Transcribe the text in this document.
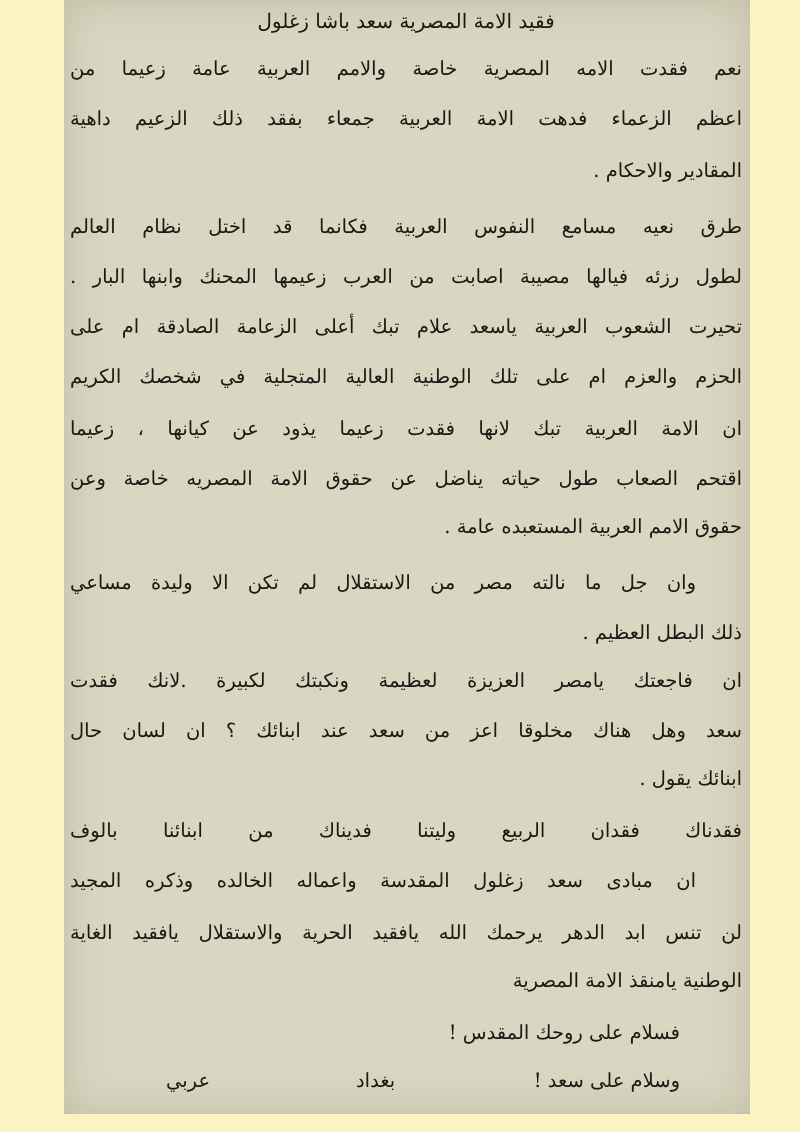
فقيد الامة المصرية سعد باشا زغلول
نعم فقدت الامه المصرية خاصة والامم العربية عامة زعيما من
اعظم الزعماء فدهت الامة العربية جمعاء بفقد ذلك الزعيم داهية
المقادير والاحكام .
طرق نعيه مسامع النفوس العربية فكانما قد اختل نظام العالم
لطول رزئه فيالها مصيبة اصابت من العرب زعيمها المحنك وابنها البار .
تحيرت الشعوب العربية ياسعد علام تبك أعلى الزعامة الصادقة ام على
الحزم والعزم ام على تلك الوطنية العالية المتجلية في شخصك الكريم
ان الامة العربية تبك لانها فقدت زعيما يذود عن كيانها ، زعيما
اقتحم الصعاب طول حياته يناضل عن حقوق الامة المصريه خاصة وعن
حقوق الامم العربية المستعبده عامة .
وان جل ما نالته مصر من الاستقلال لم تكن الا وليدة مساعي
ذلك البطل العظيم .
ان فاجعتك يامصر العزيزة لعظيمة ونكبتك لكبيرة .لانك فقدت
سعد وهل هناك مخلوقا اعز من سعد عند ابنائك ؟ ان لسان حال
ابنائك يقول .
فقدناك فقدان الربيع وليتنا فديناك من ابنائنا بالوف
ان مبادى سعد زغلول المقدسة واعماله الخالده وذكره المجيد
لن تنس ابد الدهر يرحمك الله يافقيد الحرية والاستقلال يافقيد الغاية
الوطنية يامنقذ الامة المصرية
فسلام على روحك المقدس !
وسلام على سعد !
بغداد
عربي
